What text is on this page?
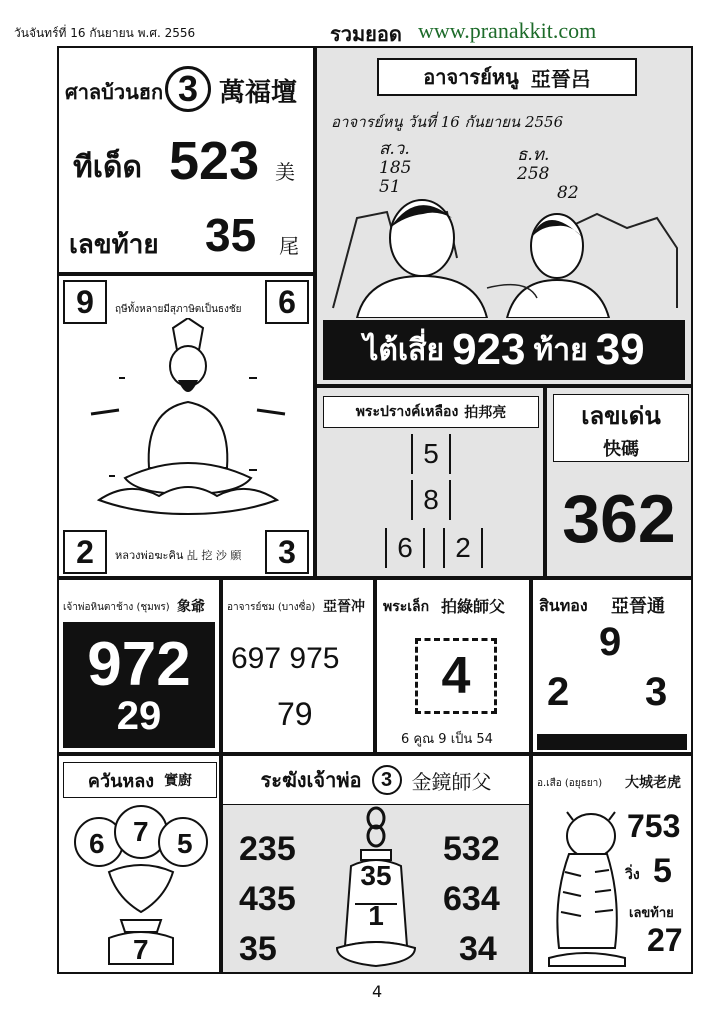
วันจันทร์ที่ 16 กันยายน พ.ศ. 2556	รวมยอด www.pranakkit.com
ศาลบ้วนฮก 3 萬福壇
ทีเด็ด 523 美
เลขท้าย 35 尾
อาจารย์หนู 亞晉呂
อาจารย์หนู วันที่ 16 กันยายน 2556
ส.ว.
185
51
ธ.ท.
258
82
ไต้เสี่ย 923 ท้าย 39
9	6
ฤษีทั้งหลายมีสุภาษิตเป็นธงชัย
2	3
หลวงพ่อฆะคิน 乩 挖 沙 願
พระปรางค์เหลือง 拍邦亮
5
8
6	2
เลขเด่น
快碼
362
เจ้าพ่อหินตาช้าง (ชุมพร) 象爺
972
29
อาจารย์ชม (บางซื่อ) 亞晉冲
697 975
79
พระเล็ก 拍綠師父
4
6 คูณ 9 เป็น 54
สินทอง 亞晉通
9
2 3
ควันหลง 實廚
6 7 5
7
ระฆังเจ้าพ่อ 3 金鏡師父
235
435
35
35
1
532
634
34
อ.เสือ (อยุธยา) 大城老虎
753
วิ่ง 5
เลขท้าย
27
4
